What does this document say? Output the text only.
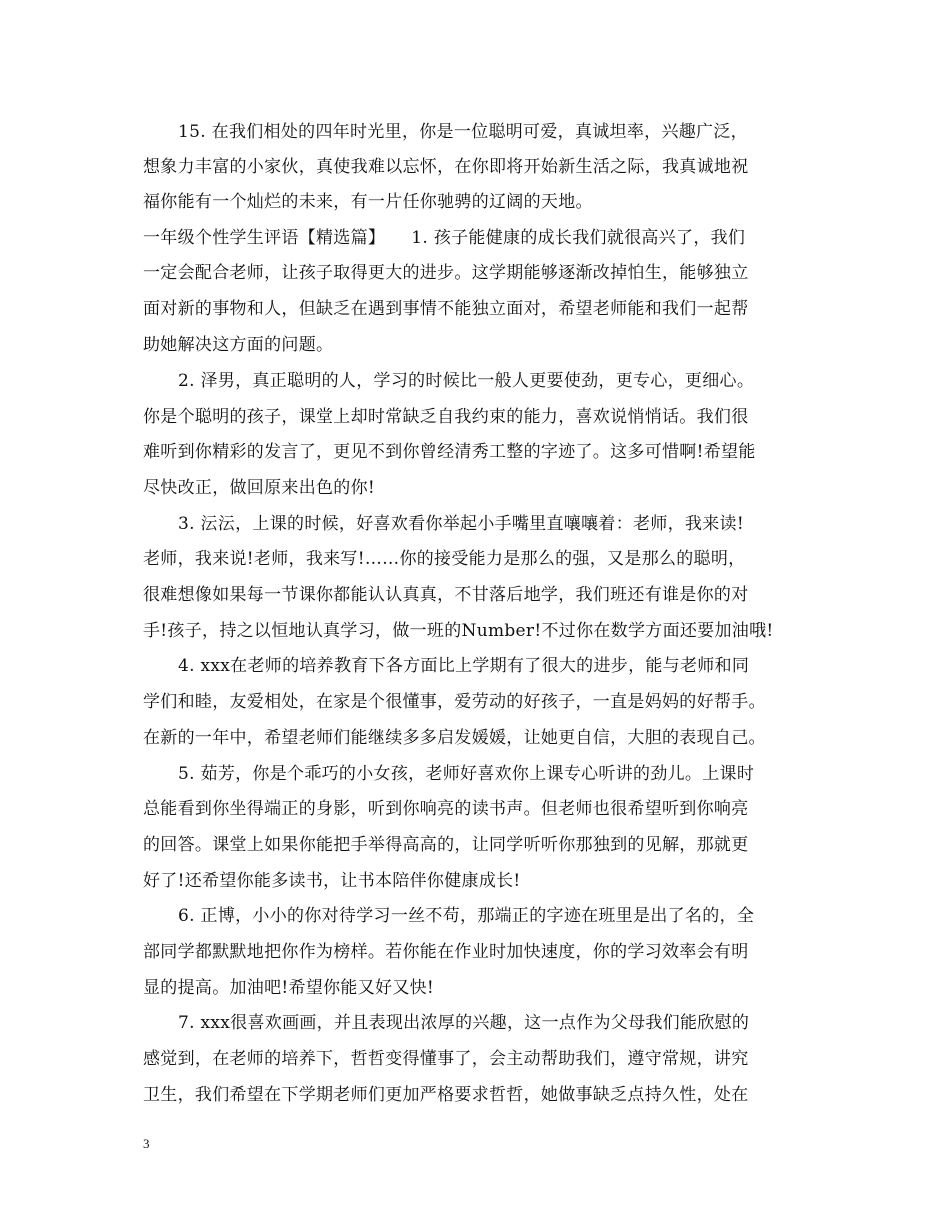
15. 在我们相处的四年时光里，你是一位聪明可爱，真诚坦率，兴趣广泛，
想象力丰富的小家伙，真使我难以忘怀，在你即将开始新生活之际，我真诚地祝
福你能有一个灿烂的未来，有一片任你驰骋的辽阔的天地。
一年级个性学生评语【精选篇】　　1. 孩子能健康的成长我们就很高兴了，我们
一定会配合老师，让孩子取得更大的进步。这学期能够逐渐改掉怕生，能够独立
面对新的事物和人，但缺乏在遇到事情不能独立面对，希望老师能和我们一起帮
助她解决这方面的问题。
2. 泽男，真正聪明的人，学习的时候比一般人更要使劲，更专心，更细心。
你是个聪明的孩子，课堂上却时常缺乏自我约束的能力，喜欢说悄悄话。我们很
难听到你精彩的发言了，更见不到你曾经清秀工整的字迹了。这多可惜啊!希望能
尽快改正，做回原来出色的你!
3. 沄沄，上课的时候，好喜欢看你举起小手嘴里直嚷嚷着：老师，我来读!
老师，我来说!老师，我来写!……你的接受能力是那么的强，又是那么的聪明，
很难想像如果每一节课你都能认认真真，不甘落后地学，我们班还有谁是你的对
手!孩子，持之以恒地认真学习，做一班的Number!不过你在数学方面还要加油哦!
4. xxx在老师的培养教育下各方面比上学期有了很大的进步，能与老师和同
学们和睦，友爱相处，在家是个很懂事，爱劳动的好孩子，一直是妈妈的好帮手。
在新的一年中，希望老师们能继续多多启发媛媛，让她更自信，大胆的表现自己。
5. 茹芳，你是个乖巧的小女孩，老师好喜欢你上课专心听讲的劲儿。上课时
总能看到你坐得端正的身影，听到你响亮的读书声。但老师也很希望听到你响亮
的回答。课堂上如果你能把手举得高高的，让同学听听你那独到的见解，那就更
好了!还希望你能多读书，让书本陪伴你健康成长!
6. 正博，小小的你对待学习一丝不苟，那端正的字迹在班里是出了名的，全
部同学都默默地把你作为榜样。若你能在作业时加快速度，你的学习效率会有明
显的提高。加油吧!希望你能又好又快!
7. xxx很喜欢画画，并且表现出浓厚的兴趣，这一点作为父母我们能欣慰的
感觉到，在老师的培养下，哲哲变得懂事了，会主动帮助我们，遵守常规，讲究
卫生，我们希望在下学期老师们更加严格要求哲哲，她做事缺乏点持久性，处在
3
